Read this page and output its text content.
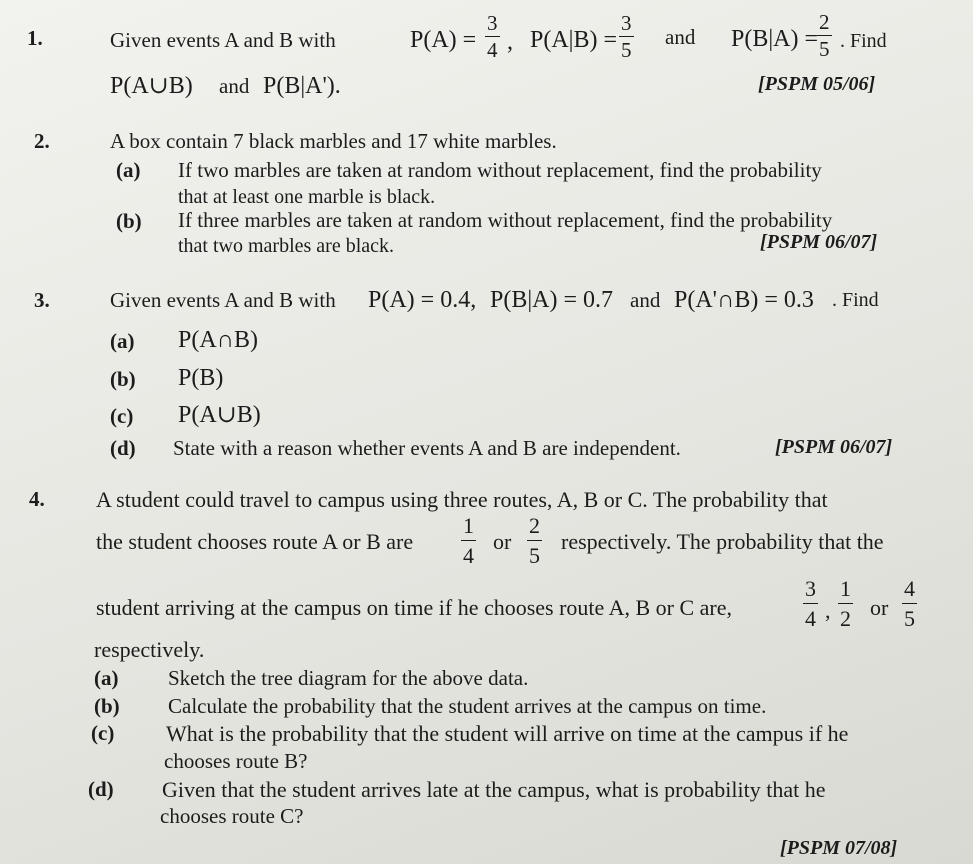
1.	Given events A and B with	P(A) =
3
4 , P(A|B) =
3
5
and P(B|A) =
2
5 . Find
P(A∪B) and P(B|A').	[PSPM 05/06]
2.	A box contain 7 black marbles and 17 white marbles.
(a) If two marbles are taken at random without replacement, find the probability
that at least one marble is black.
(b) If three marbles are taken at random without replacement, find the probability
that two marbles are black.	[PSPM 06/07]
3.	Given events A and B with P(A) = 0.4, P(B|A) = 0.7 and P(A'∩B) = 0.3 . Find
(a) P(A∩B)
(b) P(B)
(c) P(A∪B)
(d) State with a reason whether events A and B are independent.	[PSPM 06/07]
4. A student could travel to campus using three routes, A, B or C. The probability that
the student chooses route A or B are
1
4
or
2
5
respectively. The probability that the
student arriving at the campus on time if he chooses route A, B or C are,
3
4 ,
1
2 or
4
5
respectively.
(a) Sketch the tree diagram for the above data.
(b) Calculate the probability that the student arrives at the campus on time.
(c) What is the probability that the student will arrive on time at the campus if he
chooses route B?
(d) Given that the student arrives late at the campus, what is probability that he
chooses route C?
[PSPM 07/08]
